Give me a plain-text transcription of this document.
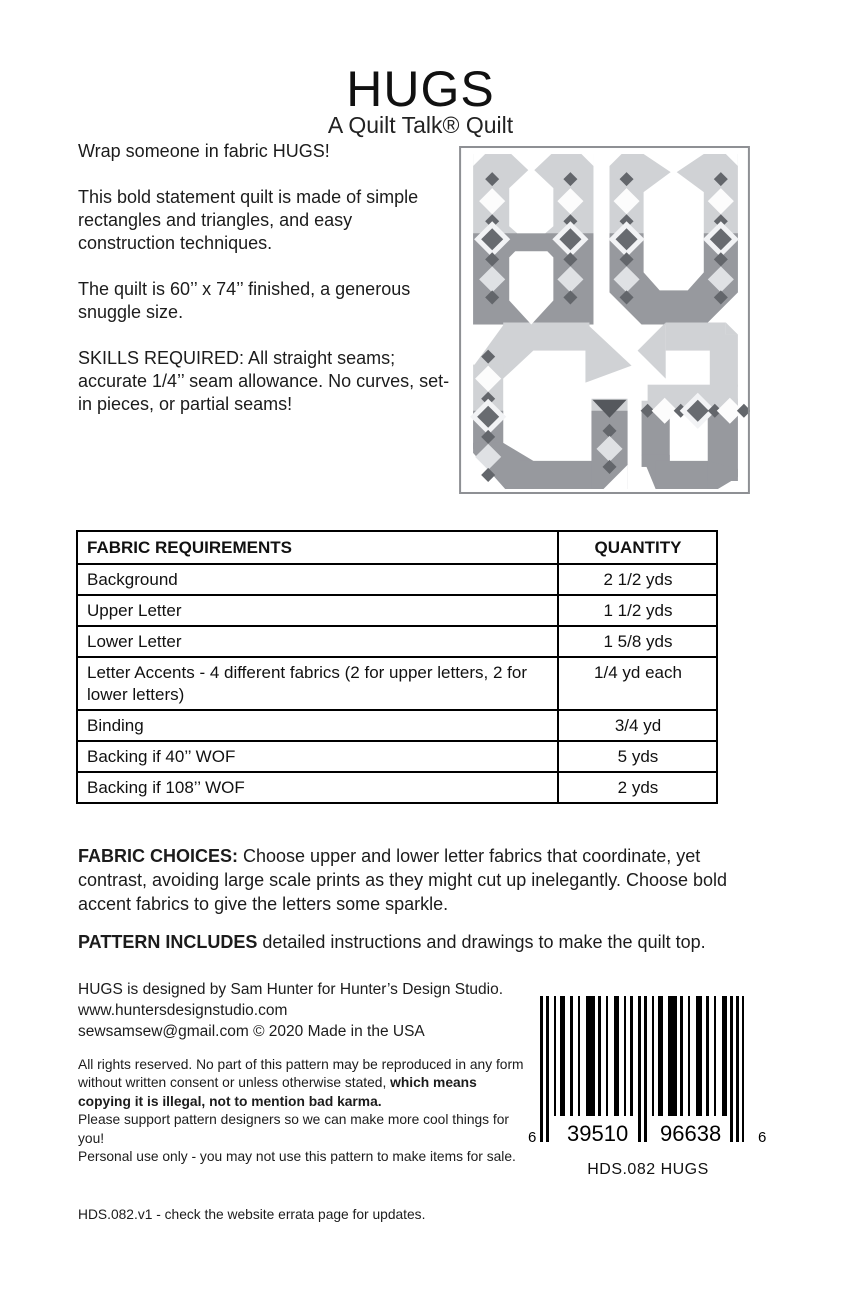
HUGS
A Quilt Talk® Quilt

Wrap someone in fabric HUGS!

This bold statement quilt is made of simple rectangles and triangles, and easy construction techniques.

The quilt is 60’’ x 74’’ finished, a generous snuggle size.

SKILLS REQUIRED: All straight seams; accurate 1/4’’ seam allowance. No curves, set-in pieces, or partial seams!

FABRIC REQUIREMENTS	QUANTITY
Background	2 1/2 yds
Upper Letter	1 1/2 yds
Lower Letter	1 5/8 yds
Letter Accents - 4 different fabrics (2 for upper letters, 2 for lower letters)	1/4 yd each
Binding	3/4 yd
Backing if 40’’ WOF	5 yds
Backing if 108’’ WOF	2 yds
FABRIC CHOICES: Choose upper and lower letter fabrics that coordinate, yet contrast, avoiding large scale prints as they might cut up inelegantly. Choose bold accent fabrics to give the letters some sparkle.
PATTERN INCLUDES detailed instructions and drawings to make the quilt top.
HUGS is designed by Sam Hunter for Hunter’s Design Studio.
www.huntersdesignstudio.com
sewsamsew@gmail.com © 2020 Made in the USA

All rights reserved. No part of this pattern may be reproduced in any form without written consent or unless otherwise stated, which means copying it is illegal, not to mention bad karma.

Please support pattern designers so we can make more cool things for you!

Personal use only - you may not use this pattern to make items for sale.

HDS.082.v1 - check the website errata page for updates.
6 39510 96638 6
HDS.082 HUGS
